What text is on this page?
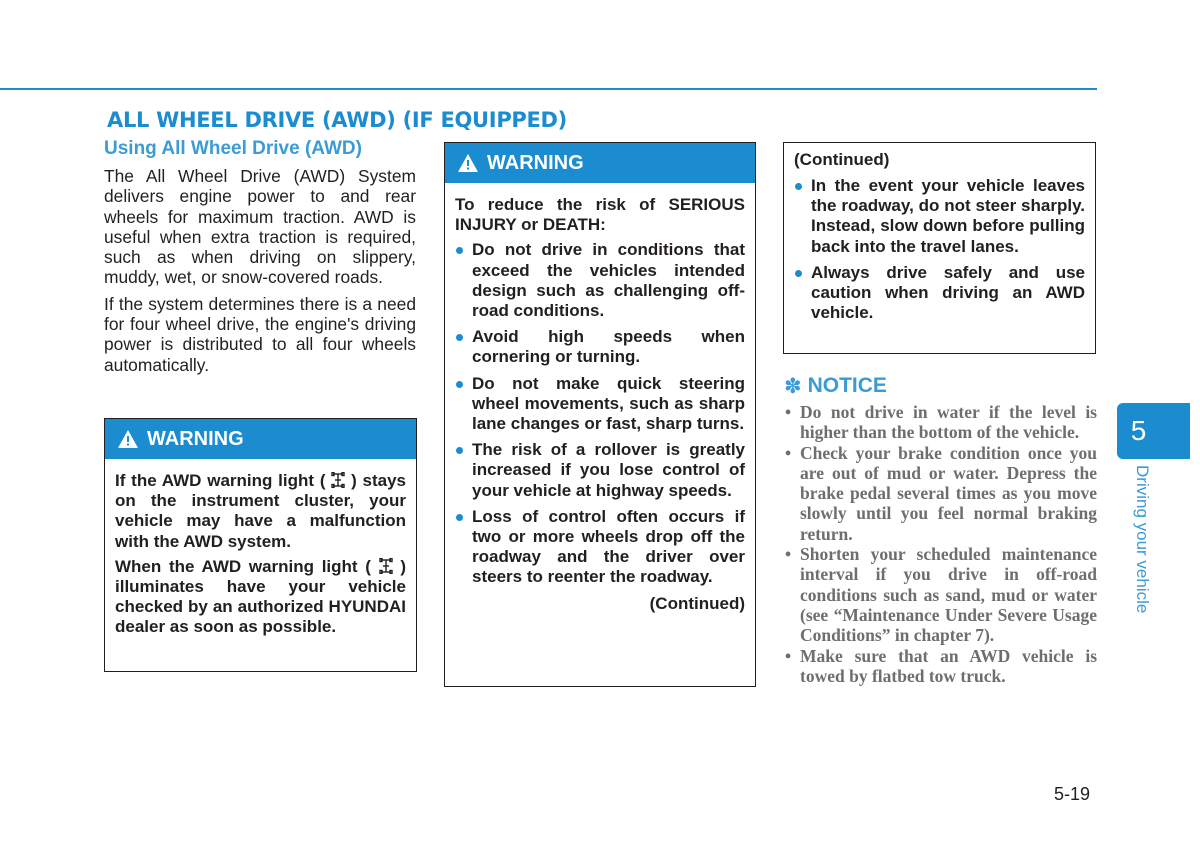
ALL WHEEL DRIVE (AWD) (IF EQUIPPED)
Using All Wheel Drive (AWD)

The All Wheel Drive (AWD) System delivers engine power to and rear wheels for maximum traction. AWD is useful when extra traction is required, such as when driving on slippery, muddy, wet, or snow-covered roads.

If the system determines there is a need for four wheel drive, the engine's driving power is distributed to all four wheels automatically.

WARNING

If the AWD warning light ( ) stays on the instrument cluster, your vehicle may have a malfunction with the AWD system.

When the AWD warning light ( ) illuminates have your vehicle checked by an authorized HYUNDAI dealer as soon as possible.

WARNING

To reduce the risk of SERIOUS INJURY or DEATH:

Do not drive in conditions that exceed the vehicles intended design such as challenging off-road conditions.
Avoid high speeds when cornering or turning.
Do not make quick steering wheel movements, such as sharp lane changes or fast, sharp turns.
The risk of a rollover is greatly increased if you lose control of your vehicle at highway speeds.
Loss of control often occurs if two or more wheels drop off the roadway and the driver over steers to reenter the roadway.
(Continued)

(Continued)

In the event your vehicle leaves the roadway, do not steer sharply. Instead, slow down before pulling back into the travel lanes.
Always drive safely and use caution when driving an AWD vehicle.
✽ NOTICE
• Do not drive in water if the level is higher than the bottom of the vehicle.
• Check your brake condition once you are out of mud or water. Depress the brake pedal several times as you move slowly until you feel normal braking return.
• Shorten your scheduled maintenance interval if you drive in off-road conditions such as sand, mud or water (see “Maintenance Under Severe Usage Conditions” in chapter 7).
• Make sure that an AWD vehicle is towed by flatbed tow truck.
5
Driving your vehicle
5-19
